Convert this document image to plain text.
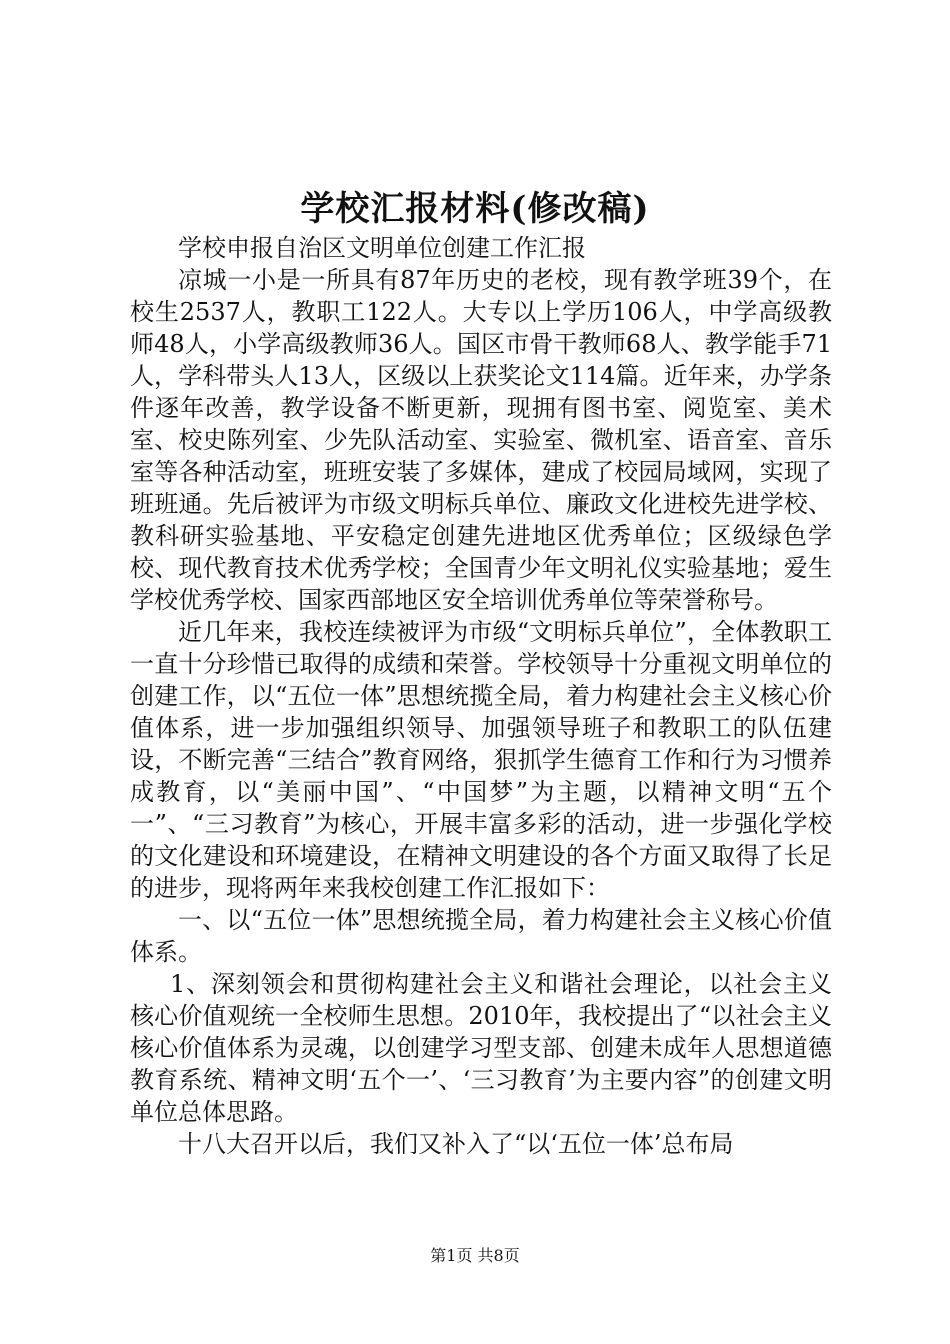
学校汇报材料(修改稿)

学校申报自治区文明单位创建工作汇报

凉城一小是一所具有87年历史的老校，现有教学班39个，在校生2537人，教职工122人。大专以上学历106人，中学高级教师48人，小学高级教师36人。国区市骨干教师68人、教学能手71人，学科带头人13人，区级以上获奖论文114篇。近年来，办学条件逐年改善，教学设备不断更新，现拥有图书室、阅览室、美术室、校史陈列室、少先队活动室、实验室、微机室、语音室、音乐室等各种活动室，班班安装了多媒体，建成了校园局域网，实现了班班通。先后被评为市级文明标兵单位、廉政文化进校先进学校、教科研实验基地、平安稳定创建先进地区优秀单位；区级绿色学校、现代教育技术优秀学校；全国青少年文明礼仪实验基地；爱生学校优秀学校、国家西部地区安全培训优秀单位等荣誉称号。

近几年来，我校连续被评为市级“文明标兵单位”，全体教职工一直十分珍惜已取得的成绩和荣誉。学校领导十分重视文明单位的创建工作，以“五位一体”思想统揽全局，着力构建社会主义核心价值体系，进一步加强组织领导、加强领导班子和教职工的队伍建设，不断完善“三结合”教育网络，狠抓学生德育工作和行为习惯养成教育，以“美丽中国”、“中国梦”为主题，以精神文明“五个一”、“三习教育”为核心，开展丰富多彩的活动，进一步强化学校的文化建设和环境建设，在精神文明建设的各个方面又取得了长足的进步，现将两年来我校创建工作汇报如下：

一、以“五位一体”思想统揽全局，着力构建社会主义核心价值体系。

1、深刻领会和贯彻构建社会主义和谐社会理论，以社会主义核心价值观统一全校师生思想。2010年，我校提出了“以社会主义核心价值体系为灵魂，以创建学习型支部、创建未成年人思想道德教育系统、精神文明‘五个一’、‘三习教育’为主要内容”的创建文明单位总体思路。

十八大召开以后，我们又补入了“以‘五位一体’总布局

第1页 共8页
